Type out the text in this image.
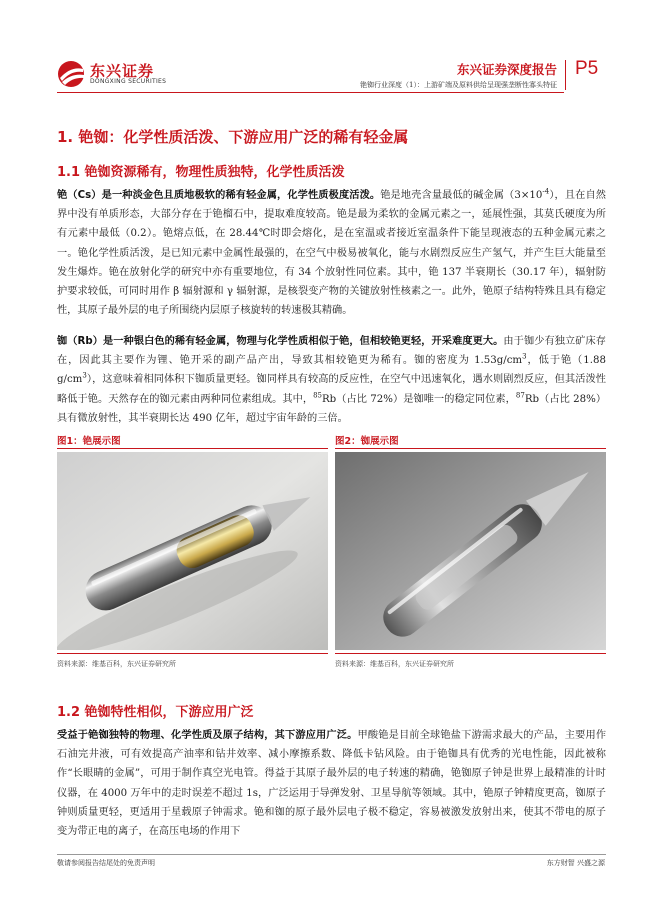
东兴证券
DONGXING SECURITIES
东兴证券深度报告
铯铷行业深度（1）：上游矿端及原料供给呈现强垄断性寡头特征
P5
1. 铯铷：化学性质活泼、下游应用广泛的稀有轻金属
1.1 铯铷资源稀有，物理性质独特，化学性质活泼
铯（Cs）是一种淡金色且质地极软的稀有轻金属，化学性质极度活泼。铯是地壳含量最低的碱金属$(3\times 10^{-4})$，且在自然界中没有单质形态，大部分存在于铯榴石中，提取难度较高。铯是最为柔软的金属元素之一，延展性强，其莫氏硬度为所有元素中最低（0.2）。铯熔点低，在 28.44℃时即会熔化，是在室温或者接近室温条件下能呈现液态的五种金属元素之一。铯化学性质活泼，是已知元素中金属性最强的，在空气中极易被氧化，能与水剧烈反应生产氢气，并产生巨大能量至发生爆炸。铯在放射化学的研究中亦有重要地位，有 34 个放射性同位素。其中，铯 137 半衰期长（30.17 年），辐射防护要求较低，可同时用作 β 辐射源和 γ 辐射源，是核裂变产物的关键放射性核素之一。此外，铯原子结构特殊且具有稳定性，其原子最外层的电子所围绕内层原子核旋转的转速极其精确。
铷（Rb）是一种银白色的稀有轻金属，物理与化学性质相似于铯，但相较铯更轻，开采难度更大。由于铷少有独立矿床存在，因此其主要作为锂、铯开采的副产品产出，导致其相较铯更为稀有。铷的密度为 $1.53g/cm^3$，低于铯（1.88 $g/cm^3$），这意味着相同体积下铷质量更轻。铷同样具有较高的反应性，在空气中迅速氧化，遇水则剧烈反应，但其活泼性略低于铯。天然存在的铷元素由两种同位素组成。其中，$^{85}$Rb（占比 72%）是铷唯一的稳定同位素，$^{87}$Rb（占比 28%）具有微放射性，其半衰期长达 490 亿年，超过宇宙年龄的三倍。
图1：铯展示图	图2：铷展示图
资料来源：维基百科，东兴证券研究所	资料来源：维基百科，东兴证券研究所
1.2 铯铷特性相似，下游应用广泛
受益于铯铷独特的物理、化学性质及原子结构，其下游应用广泛。甲酸铯是目前全球铯盐下游需求最大的产品，主要用作石油完井液，可有效提高产油率和钻井效率、减小摩擦系数、降低卡钻风险。由于铯铷具有优秀的光电性能，因此被称作“长眼睛的金属”，可用于制作真空光电管。得益于其原子最外层的电子转速的精确，铯铷原子钟是世界上最精准的计时仪器，在 4000 万年中的走时误差不超过 1s，广泛运用于导弹发射、卫星导航等领域。其中，铯原子钟精度更高，铷原子钟则质量更轻，更适用于星载原子钟需求。铯和铷的原子最外层电子极不稳定，容易被激发放射出来，使其不带电的原子变为带正电的离子，在高压电场的作用下
敬请参阅报告结尾处的免责声明	东方财智 兴盛之源
